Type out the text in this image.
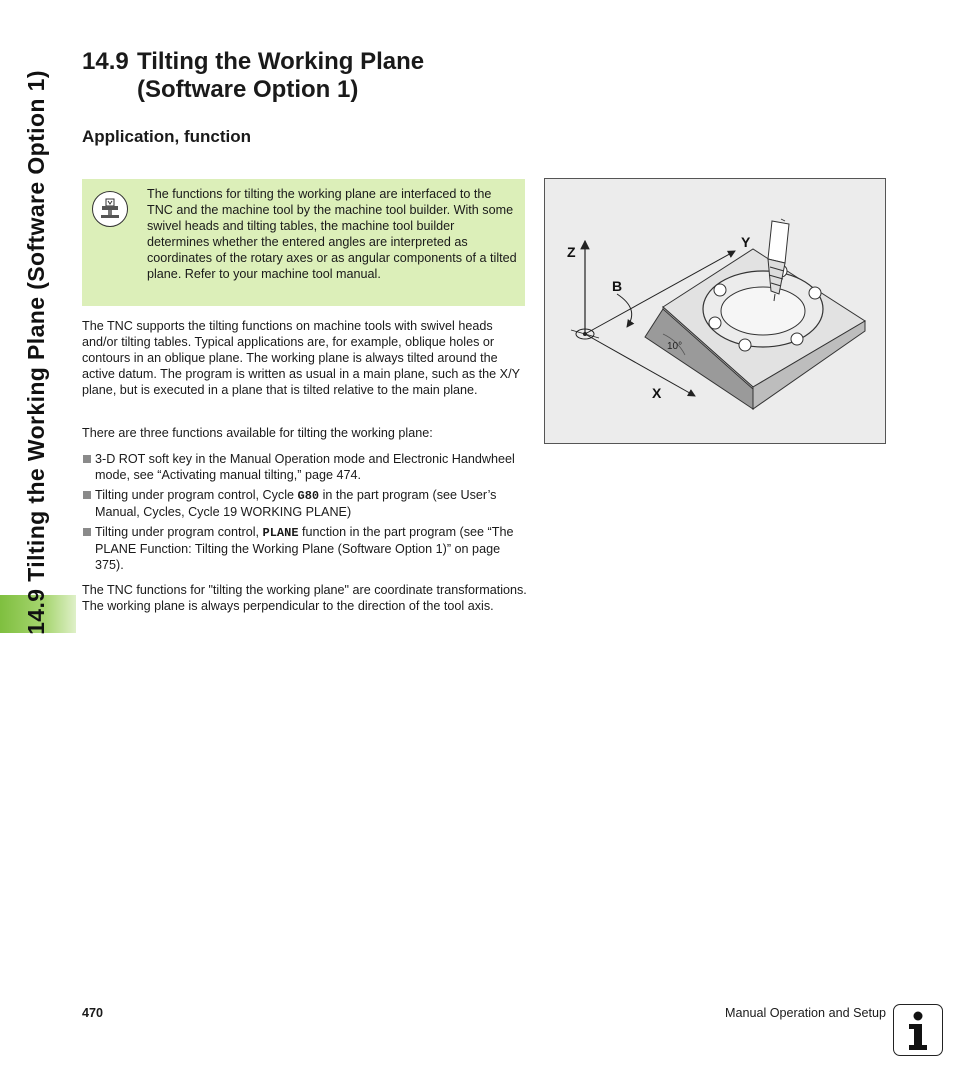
14.9 Tilting the Working Plane (Software Option 1)
14.9 Tilting the Working Plane
(Software Option 1)
Application, function
The functions for tilting the working plane are interfaced to the TNC and the machine tool by the machine tool builder. With some swivel heads and tilting tables, the machine tool builder determines whether the entered angles are interpreted as coordinates of the rotary axes or as angular components of a tilted plane. Refer to your machine tool manual.

The TNC supports the tilting functions on machine tools with swivel heads and/or tilting tables. Typical applications are, for example, oblique holes or contours in an oblique plane. The working plane is always tilted around the active datum. The program is written as usual in a main plane, such as the X/Y plane, but is executed in a plane that is tilted relative to the main plane.

There are three functions available for tilting the working plane:

3-D ROT soft key in the Manual Operation mode and Electronic Handwheel mode, see “Activating manual tilting,” page 474.
Tilting under program control, Cycle G80 in the part program (see User’s Manual, Cycles, Cycle 19 WORKING PLANE)
Tilting under program control, PLANE function in the part program (see “The PLANE Function: Tilting the Working Plane (Software Option 1)” on page 375).

The TNC functions for "tilting the working plane" are coordinate transformations. The working plane is always perpendicular to the direction of the tool axis.

Z
Y
B
X
10°
470	Manual Operation and Setup
